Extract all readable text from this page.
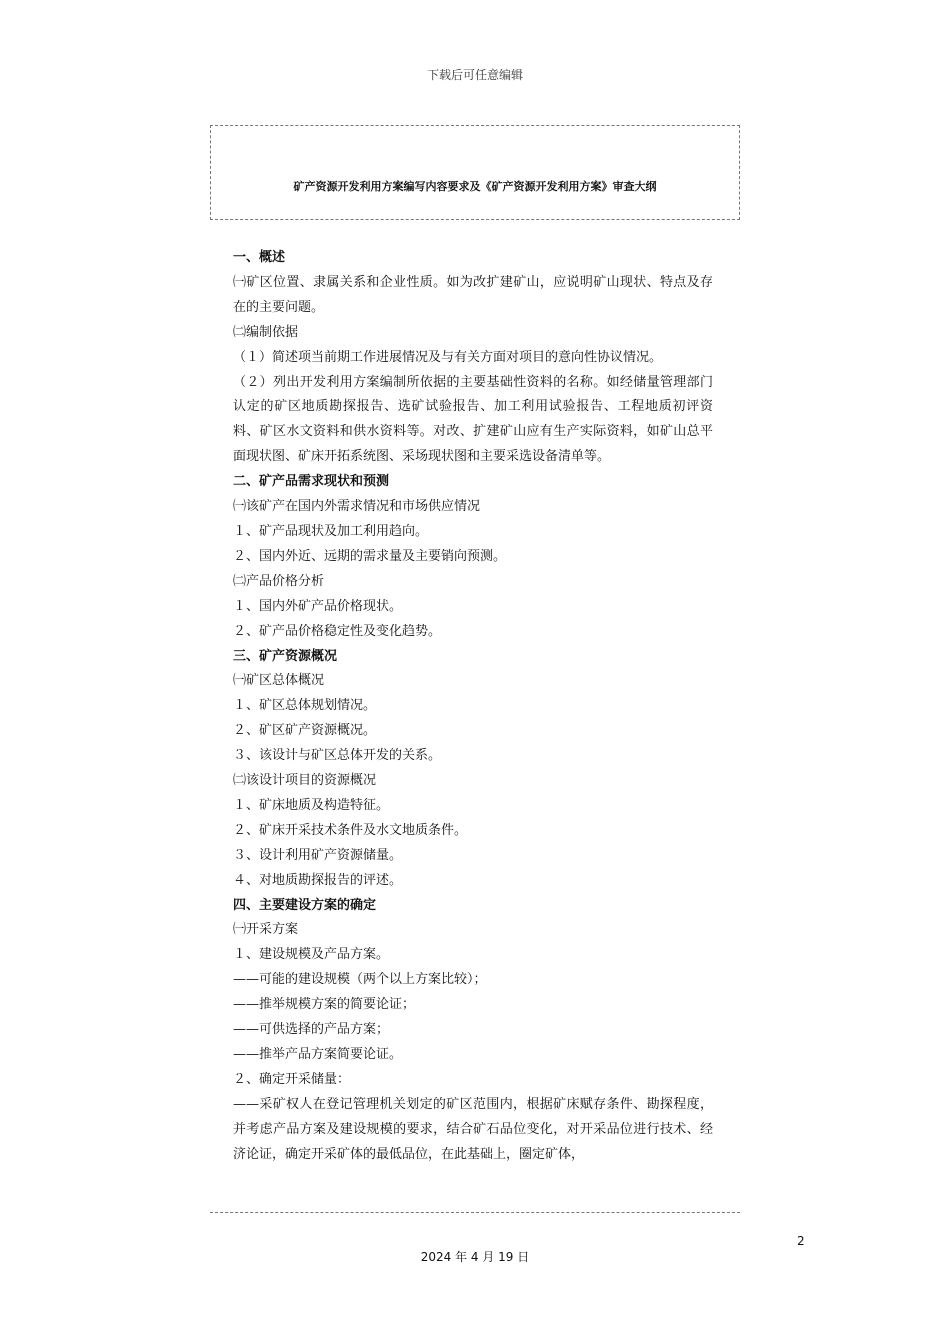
下载后可任意编辑
矿产资源开发利用方案编写内容要求及《矿产资源开发利用方案》审查大纲

一、概述

㈠矿区位置、隶属关系和企业性质。如为改扩建矿山，应说明矿山现状、特点及存在的主要问题。

㈡编制依据

（１）简述项当前期工作进展情况及与有关方面对项目的意向性协议情况。

（２）列出开发利用方案编制所依据的主要基础性资料的名称。如经储量管理部门认定的矿区地质勘探报告、选矿试验报告、加工利用试验报告、工程地质初评资料、矿区水文资料和供水资料等。对改、扩建矿山应有生产实际资料，如矿山总平面现状图、矿床开拓系统图、采场现状图和主要采选设备清单等。

二、矿产品需求现状和预测

㈠该矿产在国内外需求情况和市场供应情况

１、矿产品现状及加工利用趋向。

２、国内外近、远期的需求量及主要销向预测。

㈡产品价格分析

１、国内外矿产品价格现状。

２、矿产品价格稳定性及变化趋势。

三、矿产资源概况

㈠矿区总体概况

１、矿区总体规划情况。

２、矿区矿产资源概况。

３、该设计与矿区总体开发的关系。

㈡该设计项目的资源概况

１、矿床地质及构造特征。

２、矿床开采技术条件及水文地质条件。

３、设计利用矿产资源储量。

４、对地质勘探报告的评述。

四、主要建设方案的确定

㈠开采方案

１、建设规模及产品方案。

——可能的建设规模（两个以上方案比较）；

——推举规模方案的简要论证；

——可供选择的产品方案；

——推举产品方案简要论证。

２、确定开采储量：

——采矿权人在登记管理机关划定的矿区范围内，根据矿床赋存条件、勘探程度，并考虑产品方案及建设规模的要求，结合矿石品位变化，对开采品位进行技术、经济论证，确定开采矿体的最低品位，在此基础上，圈定矿体，

2
2024 年 4 月 19 日
